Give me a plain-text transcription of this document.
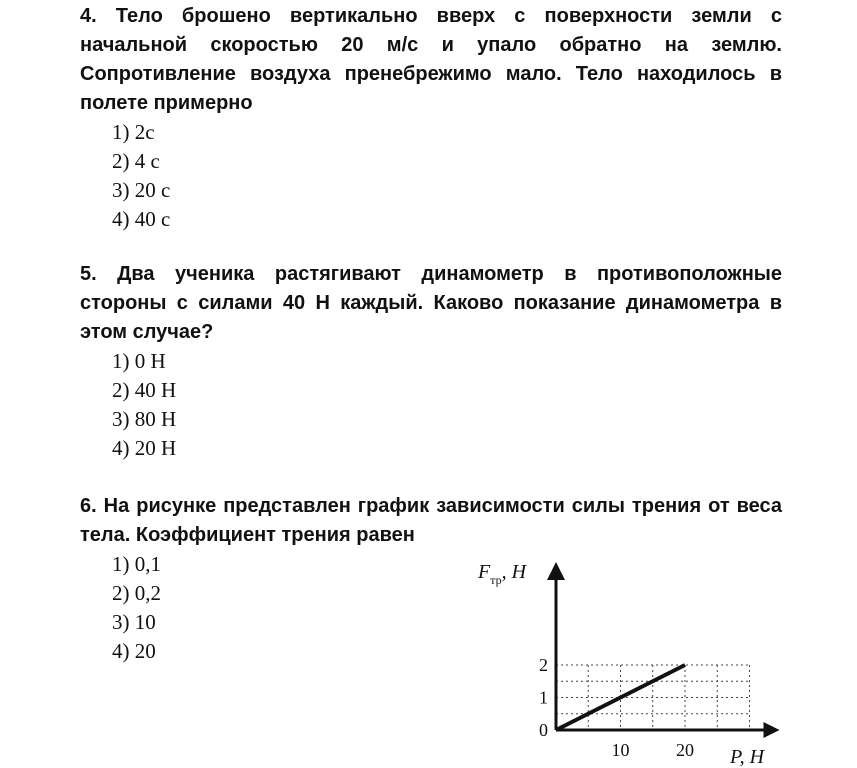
4. Тело брошено вертикально вверх с поверхности земли с начальной скоростью 20 м/с и упало обратно на землю. Сопротивление воздуха пренебрежимо мало. Тело находилось в полете примерно

1) 2с
2) 4 с
3) 20 с
4) 40 с

5. Два ученика растягивают динамометр в противоположные стороны с силами 40 Н каждый. Каково показание динамометра в этом случае?

1) 0 Н
2) 40 Н
3) 80 Н
4) 20 Н

6. На рисунке представлен график зависимости силы трения от веса тела. Коэффициент трения равен

1) 0,1
2) 0,2
3) 10
4) 20
10	20
1
2
0
$F_{тр}$, Н
P, Н
